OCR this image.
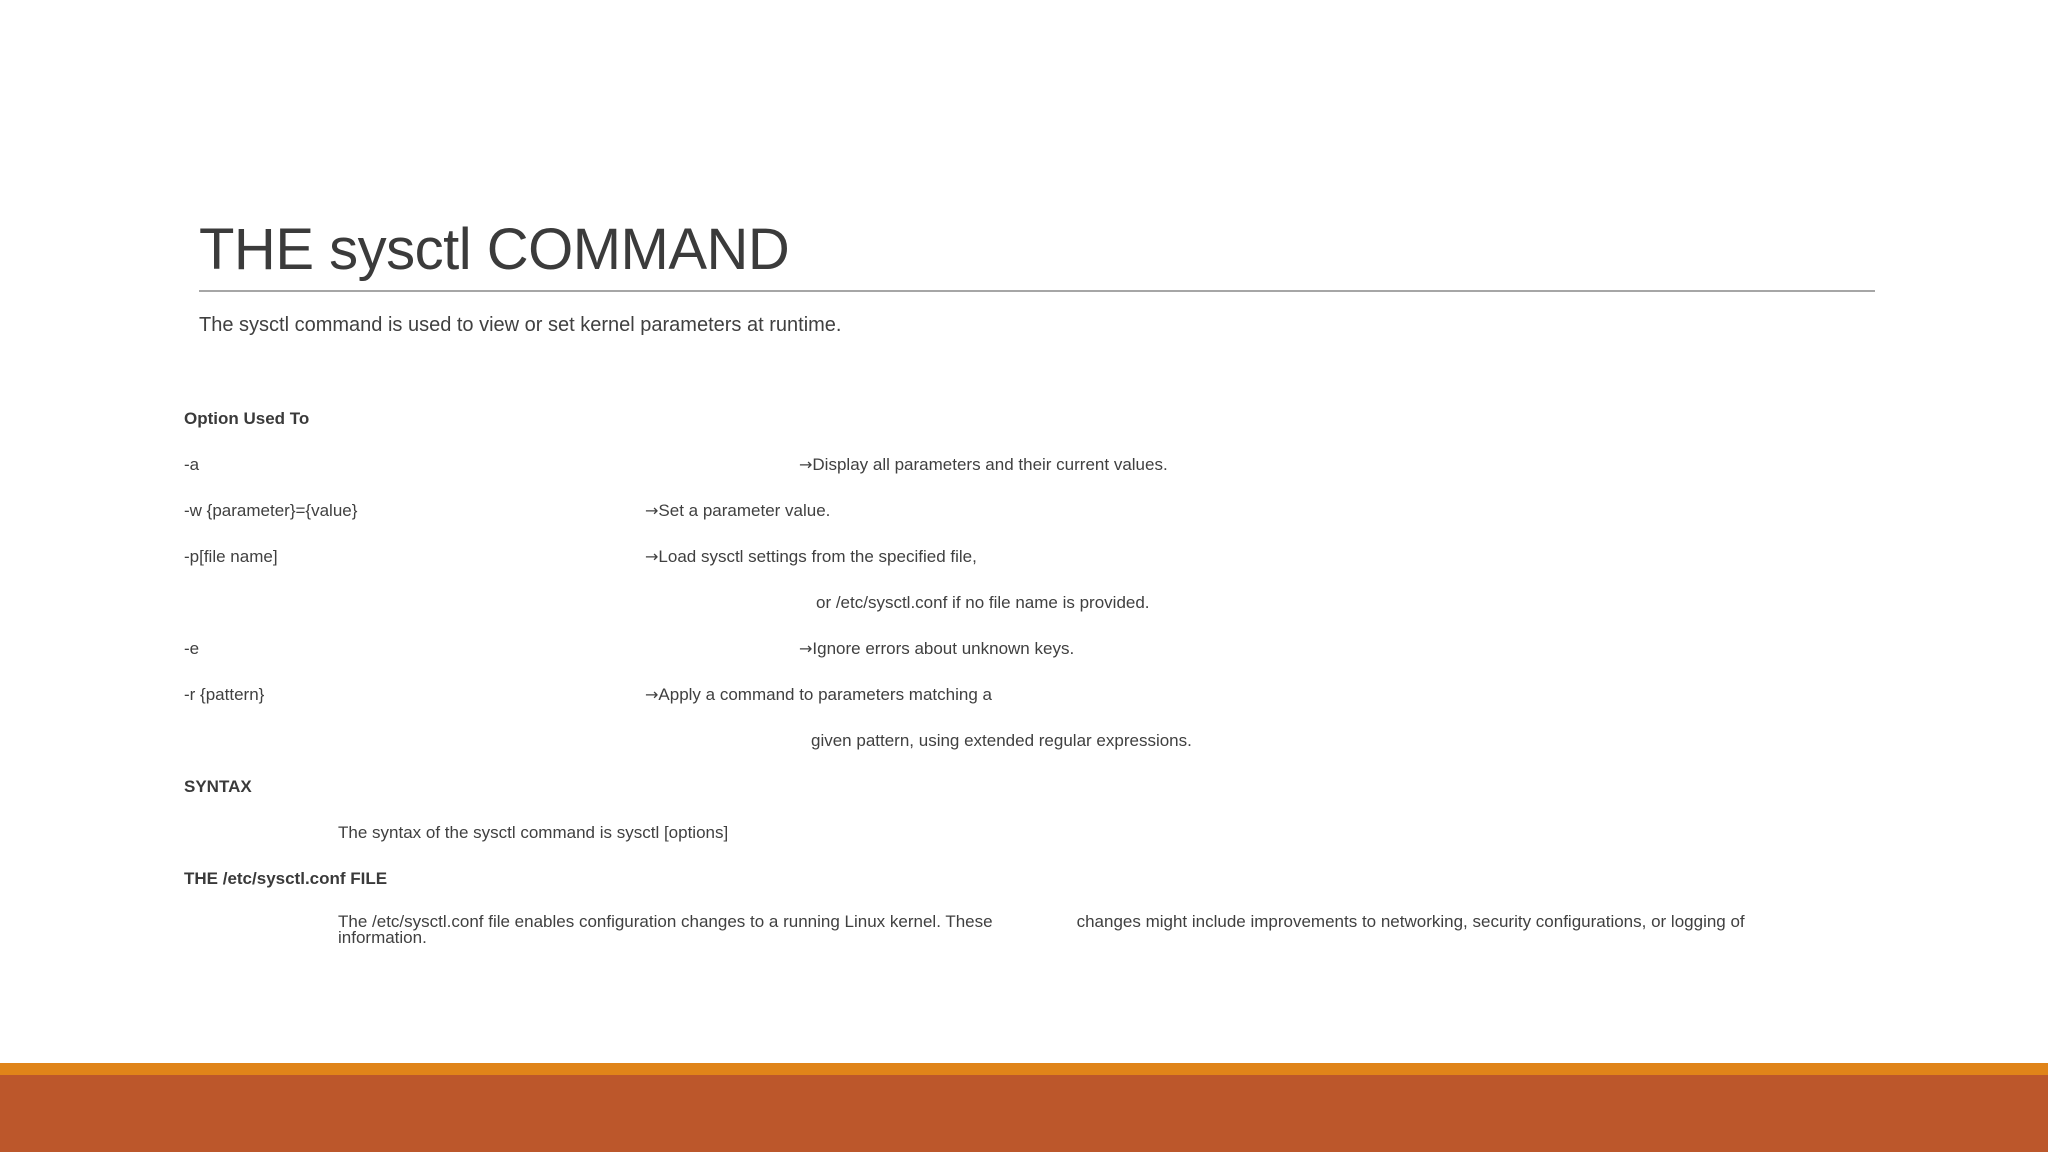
THE sysctl COMMAND
The sysctl command is used to view or set kernel parameters at runtime.
Option Used To
-a	→Display all parameters and their current values.
-w {parameter}={value}	→Set a parameter value.
-p[file name]	→Load sysctl settings from the specified file,
or /etc/sysctl.conf if no file name is provided.
-e	→Ignore errors about unknown keys.
-r {pattern}	→Apply a command to parameters matching a
given pattern, using extended regular expressions.
SYNTAX
The syntax of the sysctl command is sysctl [options]
THE /etc/sysctl.conf FILE
The /etc/sysctl.conf file enables configuration changes to a running Linux kernel. These	changes might include improvements to networking, security configurations, or logging of information.
